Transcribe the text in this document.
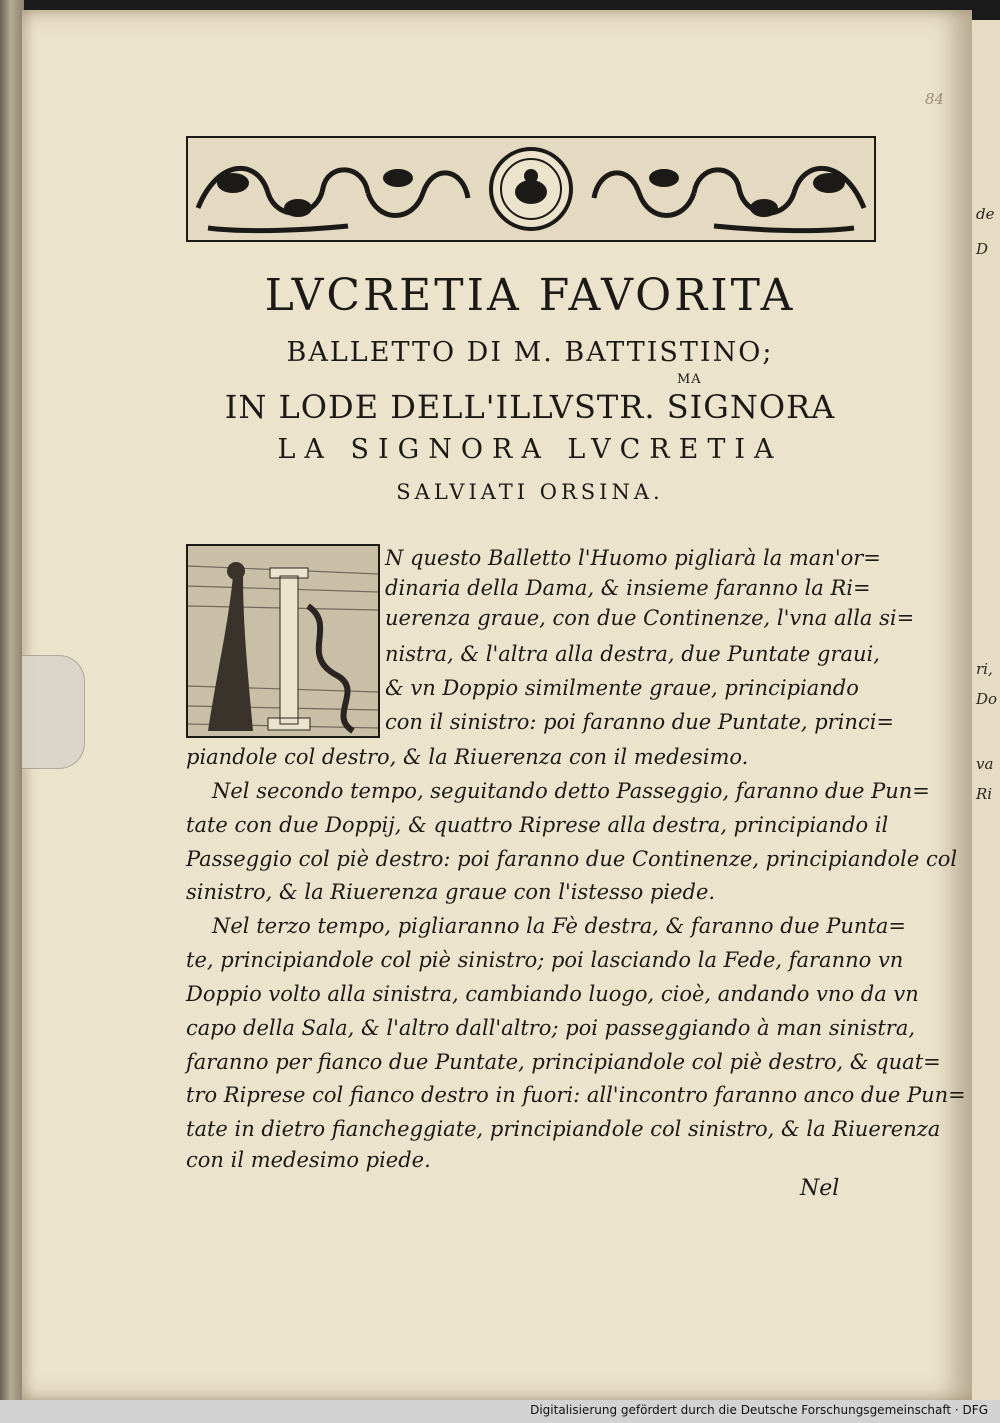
de
D
ri,
Do
va
Ri
84
LVCRETIA FAVORITA
BALLETTO DI M. BATTISTINO;
MA
IN LODE DELL'ILLVSTR. SIGNORA
LA SIGNORA LVCRETIA
SALVIATI ORSINA.
N questo Balletto l'Huomo pigliarà la man'or=
dinaria della Dama, & insieme faranno la Ri=
uerenza graue, con due Continenze, l'vna alla si=
nistra, & l'altra alla destra, due Puntate graui,
& vn Doppio similmente graue, principiando
con il sinistro: poi faranno due Puntate, princi=
piandole col destro, & la Riuerenza con il medesimo.
Nel secondo tempo, seguitando detto Passeggio, faranno due Pun=
tate con due Doppij, & quattro Riprese alla destra, principiando il
Passeggio col piè destro: poi faranno due Continenze, principiandole col
sinistro, & la Riuerenza graue con l'istesso piede.
Nel terzo tempo, pigliaranno la Fè destra, & faranno due Punta=
te, principiandole col piè sinistro; poi lasciando la Fede, faranno vn
Doppio volto alla sinistra, cambiando luogo, cioè, andando vno da vn
capo della Sala, & l'altro dall'altro; poi passeggiando à man sinistra,
faranno per fianco due Puntate, principiandole col piè destro, & quat=
tro Riprese col fianco destro in fuori: all'incontro faranno anco due Pun=
tate in dietro fiancheggiate, principiandole col sinistro, & la Riuerenza
con il medesimo piede.
Nel
Digitalisierung gefördert durch die Deutsche Forschungsgemeinschaft · DFG
